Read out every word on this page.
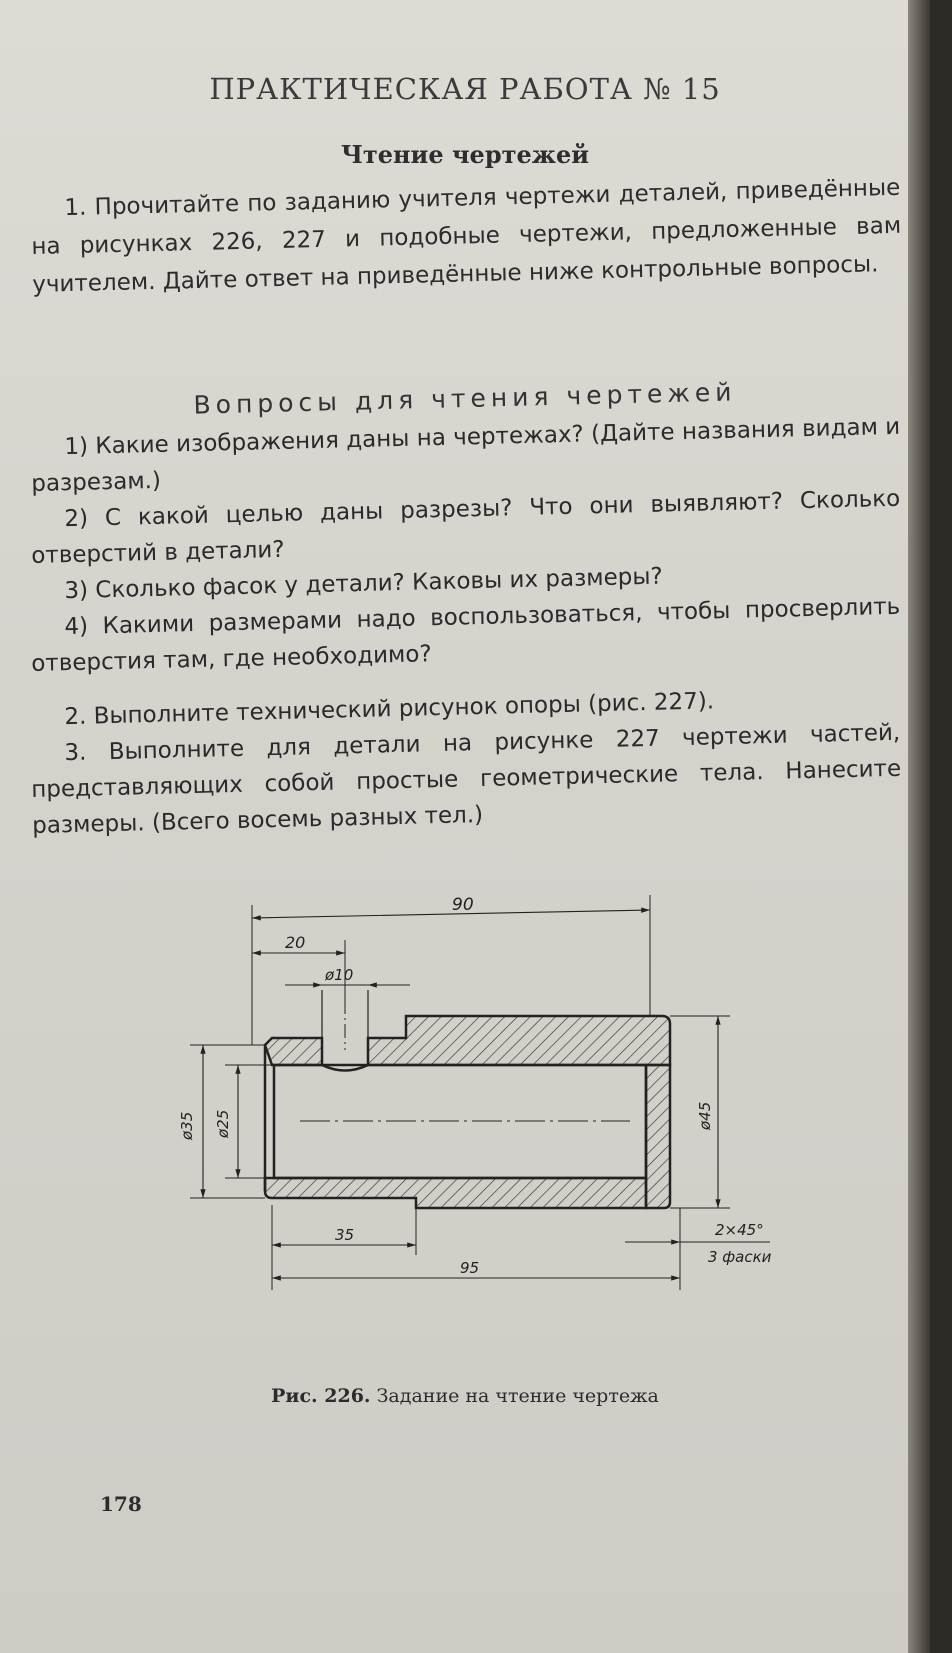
ПРАКТИЧЕСКАЯ РАБОТА № 15
Чтение чертежей
1. Прочитайте по заданию учителя чертежи деталей, приведённые на рисунках 226, 227 и подобные чертежи, предложенные вам учителем. Дайте ответ на приведённые ниже контрольные вопросы.
Вопросы для чтения чертежей
1) Какие изображения даны на чертежах? (Дайте названия видам и разрезам.)
2) С какой целью даны разрезы? Что они выявляют? Сколько отверстий в детали?
3) Сколько фасок у детали? Каковы их размеры?
4) Какими размерами надо воспользоваться, чтобы просверлить отверстия там, где необходимо?
2. Выполните технический рисунок опоры (рис. 227).
3. Выполните для детали на рисунке 227 чертежи частей, представляющих собой простые геометрические тела. Нанесите размеры. (Всего восемь разных тел.)
90
20
ø10
ø35 ø25	ø45
35
95
2×45°
3 фаски
Рис. 226. Задание на чтение чертежа
178
